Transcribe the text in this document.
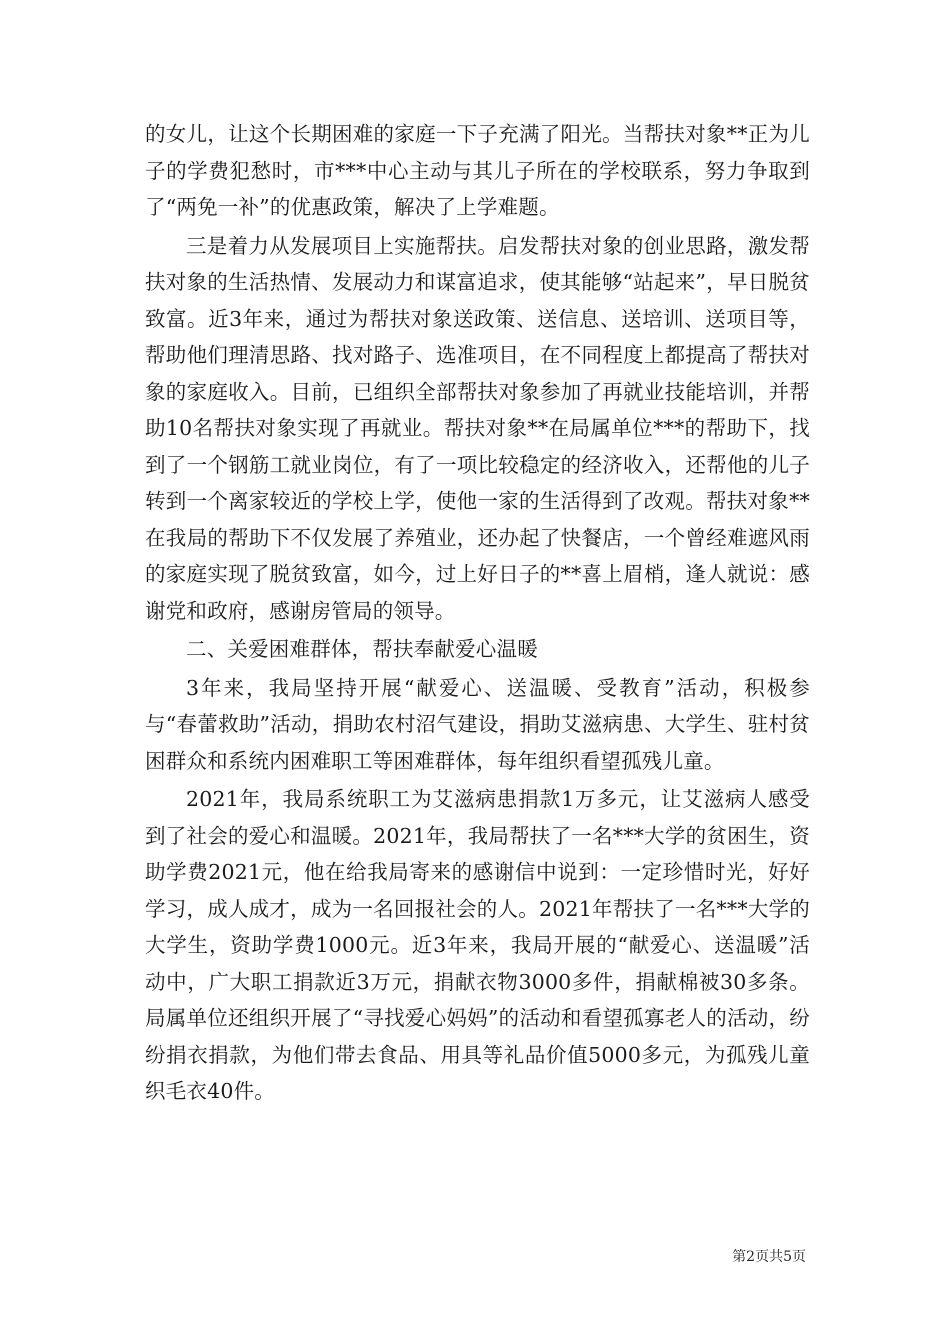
的女儿，让这个长期困难的家庭一下子充满了阳光。当帮扶对象**正为儿子的学费犯愁时，市***中心主动与其儿子所在的学校联系，努力争取到了“两免一补”的优惠政策，解决了上学难题。

三是着力从发展项目上实施帮扶。启发帮扶对象的创业思路，激发帮扶对象的生活热情、发展动力和谋富追求，使其能够“站起来”，早日脱贫致富。近3年来，通过为帮扶对象送政策、送信息、送培训、送项目等，帮助他们理清思路、找对路子、选准项目，在不同程度上都提高了帮扶对象的家庭收入。目前，已组织全部帮扶对象参加了再就业技能培训，并帮助10名帮扶对象实现了再就业。帮扶对象**在局属单位***的帮助下，找到了一个钢筋工就业岗位，有了一项比较稳定的经济收入，还帮他的儿子转到一个离家较近的学校上学，使他一家的生活得到了改观。帮扶对象**在我局的帮助下不仅发展了养殖业，还办起了快餐店，一个曾经难遮风雨的家庭实现了脱贫致富，如今，过上好日子的**喜上眉梢，逢人就说：感谢党和政府，感谢房管局的领导。

二、关爱困难群体，帮扶奉献爱心温暖

3年来，我局坚持开展“献爱心、送温暖、受教育”活动，积极参与“春蕾救助”活动，捐助农村沼气建设，捐助艾滋病患、大学生、驻村贫困群众和系统内困难职工等困难群体，每年组织看望孤残儿童。

2021年，我局系统职工为艾滋病患捐款1万多元，让艾滋病人感受到了社会的爱心和温暖。2021年，我局帮扶了一名***大学的贫困生，资助学费2021元，他在给我局寄来的感谢信中说到：一定珍惜时光，好好学习，成人成才，成为一名回报社会的人。2021年帮扶了一名***大学的大学生，资助学费1000元。近3年来，我局开展的“献爱心、送温暖”活动中，广大职工捐款近3万元，捐献衣物3000多件，捐献棉被30多条。局属单位还组织开展了“寻找爱心妈妈”的活动和看望孤寡老人的活动，纷纷捐衣捐款，为他们带去食品、用具等礼品价值5000多元，为孤残儿童织毛衣40件。

第2页共5页
